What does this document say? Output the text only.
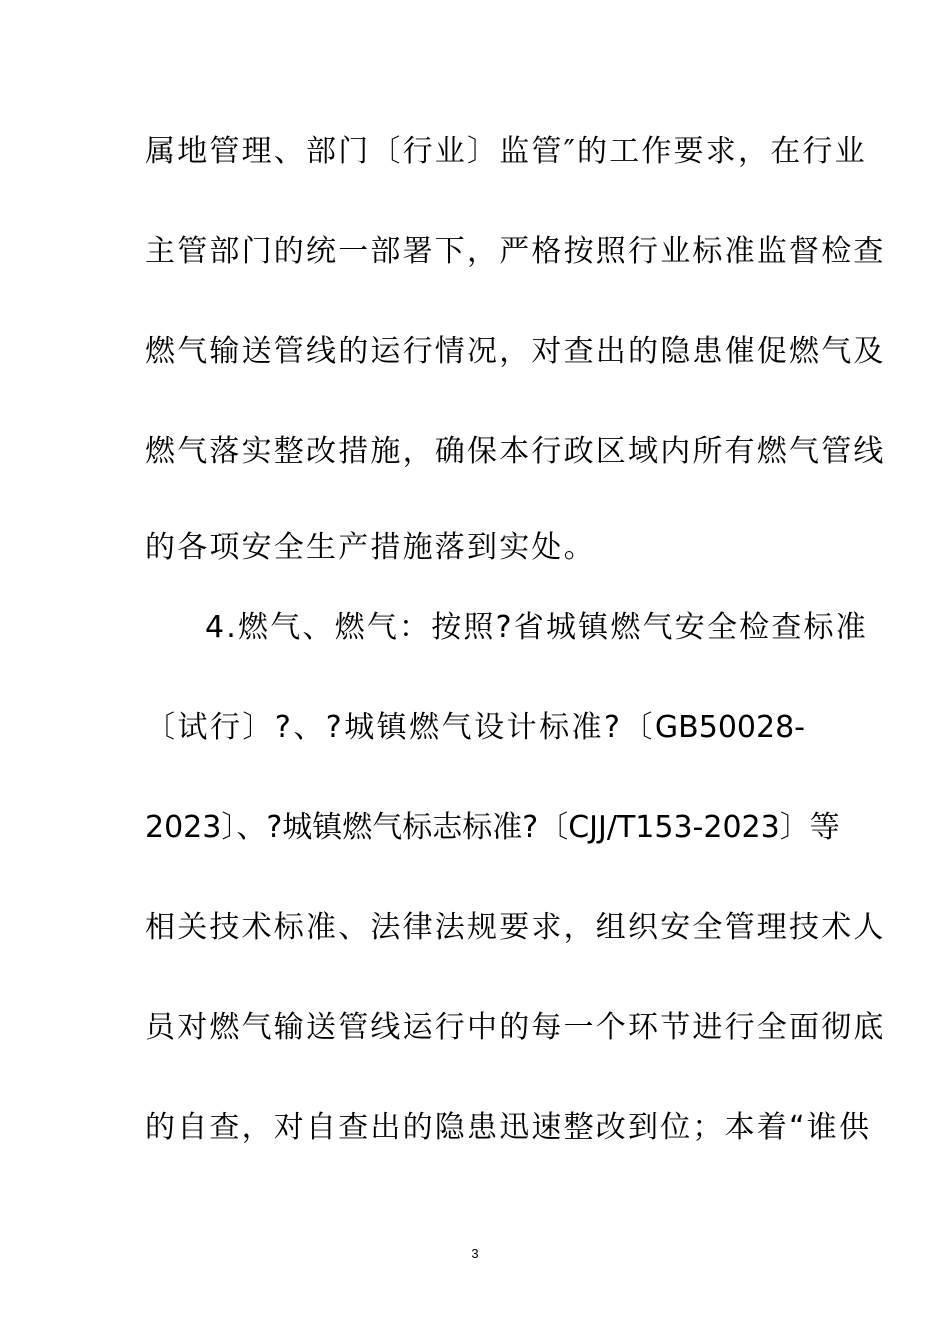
属地管理、部门〔行业〕监管″的工作要求，在行业
主管部门的统一部署下，严格按照行业标准监督检查
燃气输送管线的运行情况，对查出的隐患催促燃气及
燃气落实整改措施，确保本行政区域内所有燃气管线
的各项安全生产措施落到实处。
4.燃气、燃气：按照?省城镇燃气安全检查标准
〔试行〕?、?城镇燃气设计标准?〔GB50028-
2023〕、?城镇燃气标志标准?〔CJJ/T153-2023〕等
相关技术标准、法律法规要求，组织安全管理技术人
员对燃气输送管线运行中的每一个环节进行全面彻底
的自查，对自查出的隐患迅速整改到位；本着“谁供
3
